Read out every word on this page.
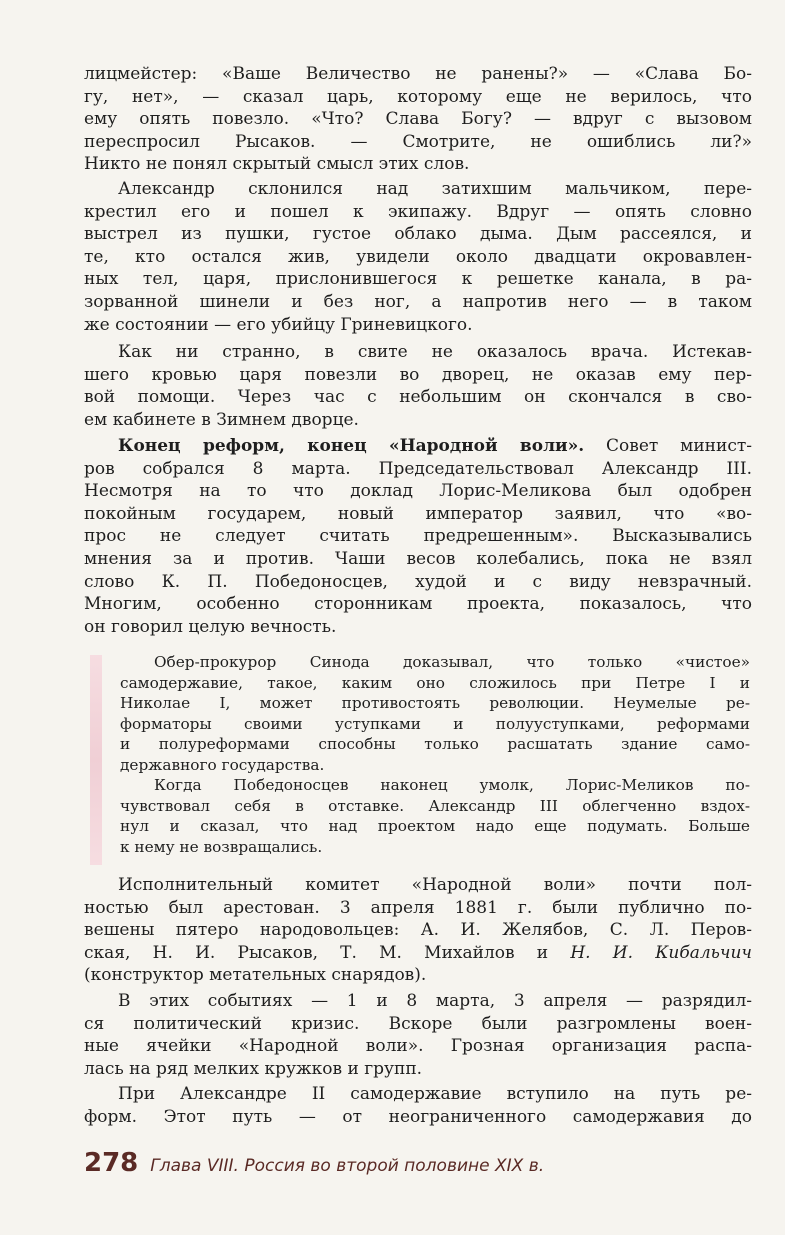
лицмейстер: «Ваше Величество не ранены?» — «Слава Бо-
гу, нет», — сказал царь, которому еще не верилось, что
ему опять повезло. «Что? Слава Богу? — вдруг с вызовом
переспросил Рысаков. — Смотрите, не ошиблись ли?»
Никто не понял скрытый смысл этих слов.
Александр склонился над затихшим мальчиком, пере-
крестил его и пошел к экипажу. Вдруг — опять словно
выстрел из пушки, густое облако дыма. Дым рассеялся, и
те, кто остался жив, увидели около двадцати окровавлен-
ных тел, царя, прислонившегося к решетке канала, в ра-
зорванной шинели и без ног, а напротив него — в таком
же состоянии — его убийцу Гриневицкого.
Как ни странно, в свите не оказалось врача. Истекав-
шего кровью царя повезли во дворец, не оказав ему пер-
вой помощи. Через час с небольшим он скончался в сво-
ем кабинете в Зимнем дворце.
Конец реформ, конец «Народной воли». Совет минист-
ров собрался 8 марта. Председательствовал Александр III.
Несмотря на то что доклад Лорис-Меликова был одобрен
покойным государем, новый император заявил, что «во-
прос не следует считать предрешенным». Высказывались
мнения за и против. Чаши весов колебались, пока не взял
слово К. П. Победоносцев, худой и с виду невзрачный.
Многим, особенно сторонникам проекта, показалось, что
он говорил целую вечность.
Обер-прокурор Синода доказывал, что только «чистое»
самодержавие, такое, каким оно сложилось при Петре I и
Николае I, может противостоять революции. Неумелые ре-
форматоры своими уступками и полууступками, реформами
и полуреформами способны только расшатать здание само-
державного государства.
Когда Победоносцев наконец умолк, Лорис-Меликов по-
чувствовал себя в отставке. Александр III облегченно вздох-
нул и сказал, что над проектом надо еще подумать. Больше
к нему не возвращались.
Исполнительный комитет «Народной воли» почти пол-
ностью был арестован. 3 апреля 1881 г. были публично по-
вешены пятеро народовольцев: А. И. Желябов, С. Л. Перов-
ская, Н. И. Рысаков, Т. М. Михайлов и Н. И. Кибальчич
(конструктор метательных снарядов).
В этих событиях — 1 и 8 марта, 3 апреля — разрядил-
ся политический кризис. Вскоре были разгромлены воен-
ные ячейки «Народной воли». Грозная организация распа-
лась на ряд мелких кружков и групп.
При Александре II самодержавие вступило на путь ре-
форм. Этот путь — от неограниченного самодержавия до
278 Глава VIII. Россия во второй половине XIX в.
